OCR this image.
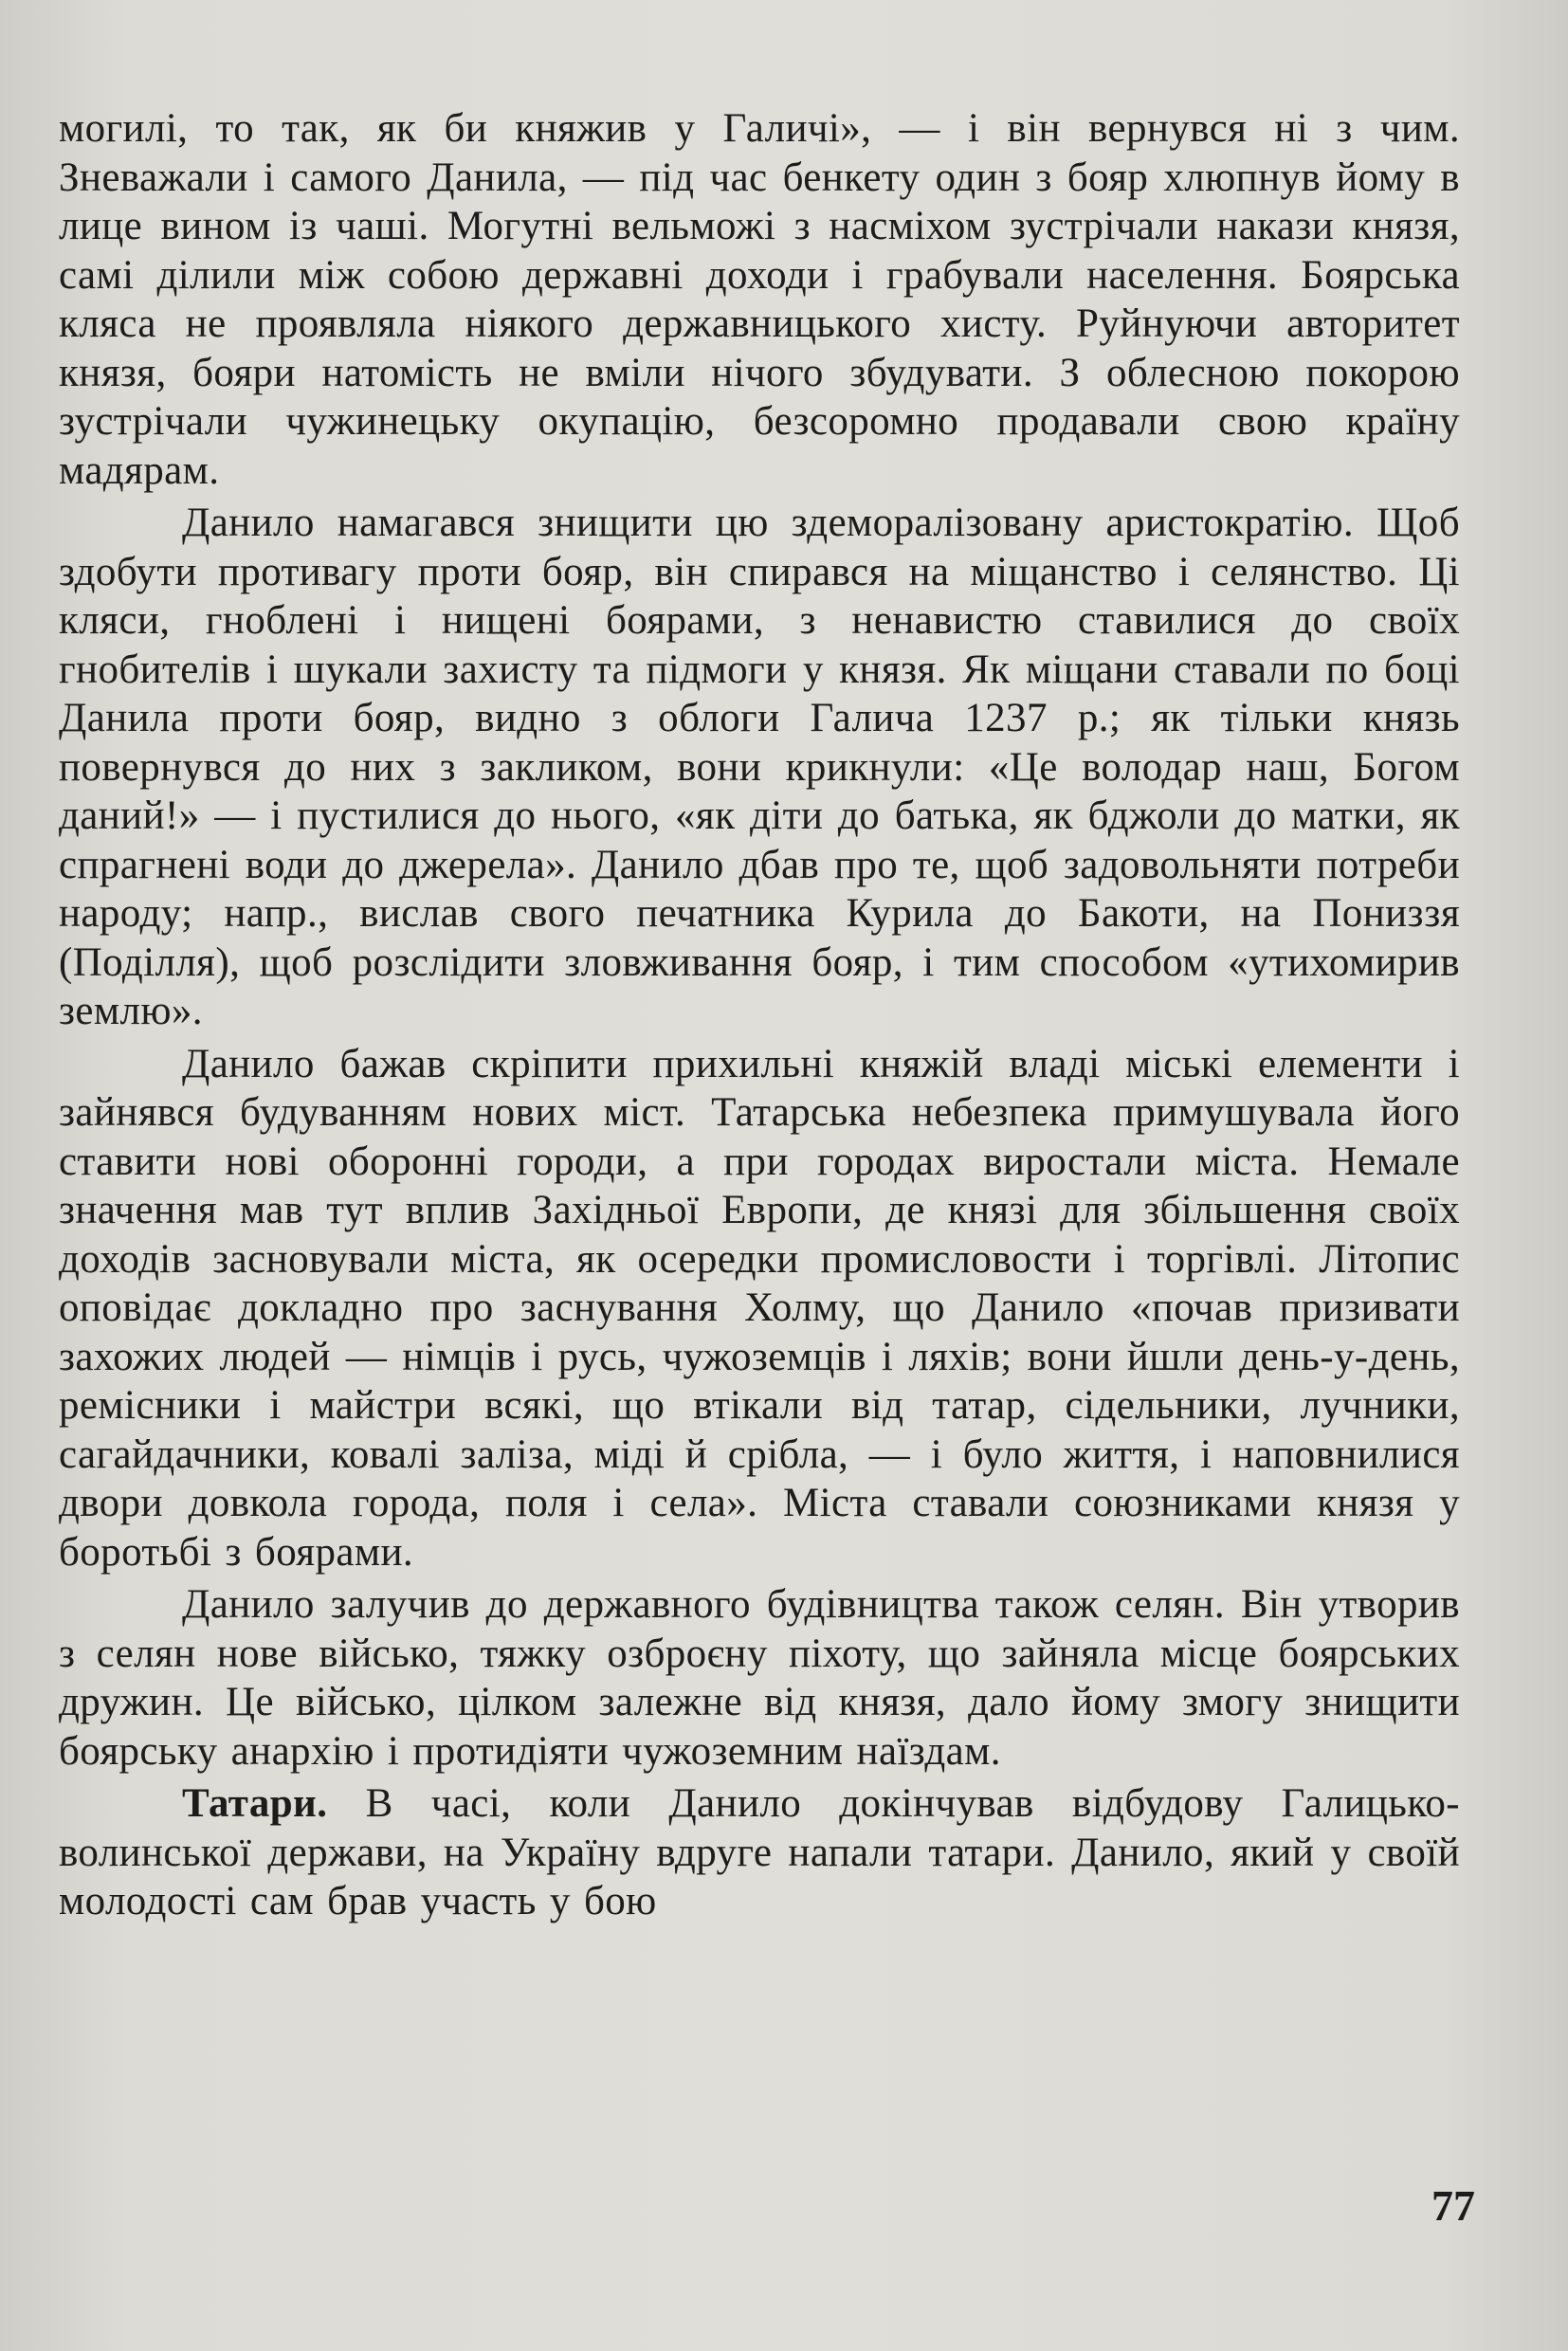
могилі, то так, як би княжив у Галичі», — і він вернувся ні з чим. Зневажали і самого Данила, — під час бенкету один з бояр хлюпнув йому в лице вином із чаші. Могутні вельможі з насміхом зустрічали накази князя, самі ділили між собою державні доходи і грабували населення. Боярська кляса не проявляла ніякого державницького хисту. Руйнуючи авторитет князя, бояри натомість не вміли нічого збудувати. З облесною покорою зустрічали чужинецьку окупацію, безсоромно продавали свою країну мадярам.

Данило намагався знищити цю здеморалізовану аристократію. Щоб здобути противагу проти бояр, він спирався на міщанство і селянство. Ці кляси, гноблені і нищені боярами, з ненавистю ставилися до своїх гнобителів і шукали захисту та підмоги у князя. Як міщани ставали по боці Данила проти бояр, видно з облоги Галича 1237 р.; як тільки князь повернувся до них з закликом, вони крикнули: «Це володар наш, Богом даний!» — і пустилися до нього, «як діти до батька, як бджоли до матки, як спрагнені води до джерела». Данило дбав про те, щоб задовольняти потреби народу; напр., вислав свого печатника Курила до Бакоти, на Пониззя (Поділля), щоб розслідити зловживання бояр, і тим способом «утихомирив землю».

Данило бажав скріпити прихильні княжій владі міські елементи і зайнявся будуванням нових міст. Татарська небезпека примушувала його ставити нові оборонні городи, а при городах виростали міста. Немале значення мав тут вплив Західньої Европи, де князі для збільшення своїх доходів засновували міста, як осередки промисловости і торгівлі. Літопис оповідає докладно про заснування Холму, що Данило «почав призивати захожих людей — німців і русь, чужоземців і ляхів; вони йшли день-у-день, ремісники і майстри всякі, що втікали від татар, сідельники, лучники, сагайдачники, ковалі заліза, міді й срібла, — і було життя, і наповнилися двори довкола города, поля і села». Міста ставали союзниками князя у боротьбі з боярами.

Данило залучив до державного будівництва також селян. Він утворив з селян нове військо, тяжку озброєну піхоту, що зайняла місце боярських дружин. Це військо, цілком залежне від князя, дало йому змогу знищити боярську анархію і протидіяти чужоземним наїздам.

Татари. В часі, коли Данило докінчував відбудову Галицько-волинської держави, на Україну вдруге напали татари. Данило, який у своїй молодості сам брав участь у бою

77
